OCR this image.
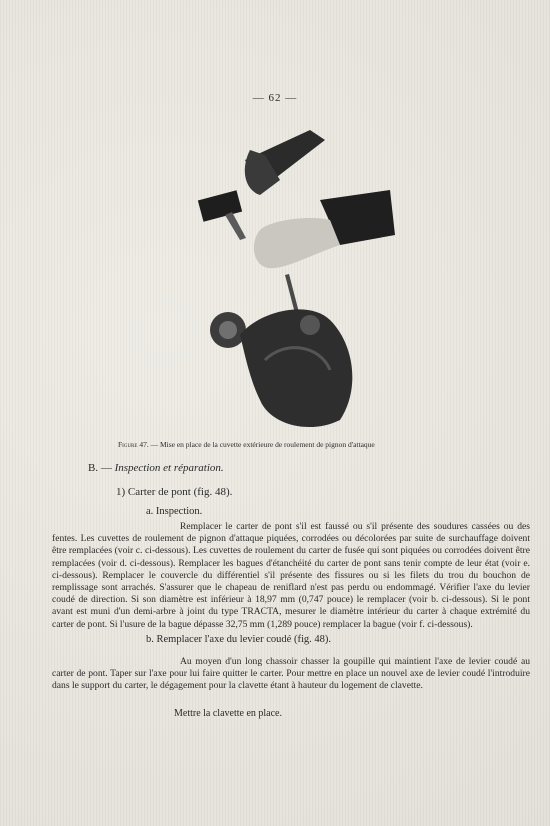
— 62 —
Figure 47. — Mise en place de la cuvette extérieure de roulement de pignon d'attaque
B. — Inspection et réparation.
1) Carter de pont (fig. 48).
a. Inspection.
Remplacer le carter de pont s'il est faussé ou s'il présente des soudures cassées ou des fentes. Les cuvettes de roulement de pignon d'attaque piquées, corrodées ou décolorées par suite de surchauffage doivent être remplacées (voir c. ci-dessous). Les cuvettes de roulement du carter de fusée qui sont piquées ou corrodées doivent être remplacées (voir d. ci-dessous). Remplacer les bagues d'étanchéité du carter de pont sans tenir compte de leur état (voir e. ci-dessous). Remplacer le couvercle du différentiel s'il présente des fissures ou si les filets du trou du bouchon de remplissage sont arrachés. S'assurer que le chapeau de reniflard n'est pas perdu ou endommagé. Vérifier l'axe du levier coudé de direction. Si son diamètre est inférieur à 18,97 mm (0,747 pouce) le remplacer (voir b. ci-dessous). Si le pont avant est muni d'un demi-arbre à joint du type TRACTA, mesurer le diamètre intérieur du carter à chaque extrémité du carter de pont. Si l'usure de la bague dépasse 32,75 mm (1,289 pouce) remplacer la bague (voir f. ci-dessous).
b. Remplacer l'axe du levier coudé (fig. 48).
Au moyen d'un long chassoir chasser la goupille qui maintient l'axe de levier coudé au carter de pont. Taper sur l'axe pour lui faire quitter le carter. Pour mettre en place un nouvel axe de levier coudé l'introduire dans le support du carter, le dégagement pour la clavette étant à hauteur du logement de clavette.
Mettre la clavette en place.
